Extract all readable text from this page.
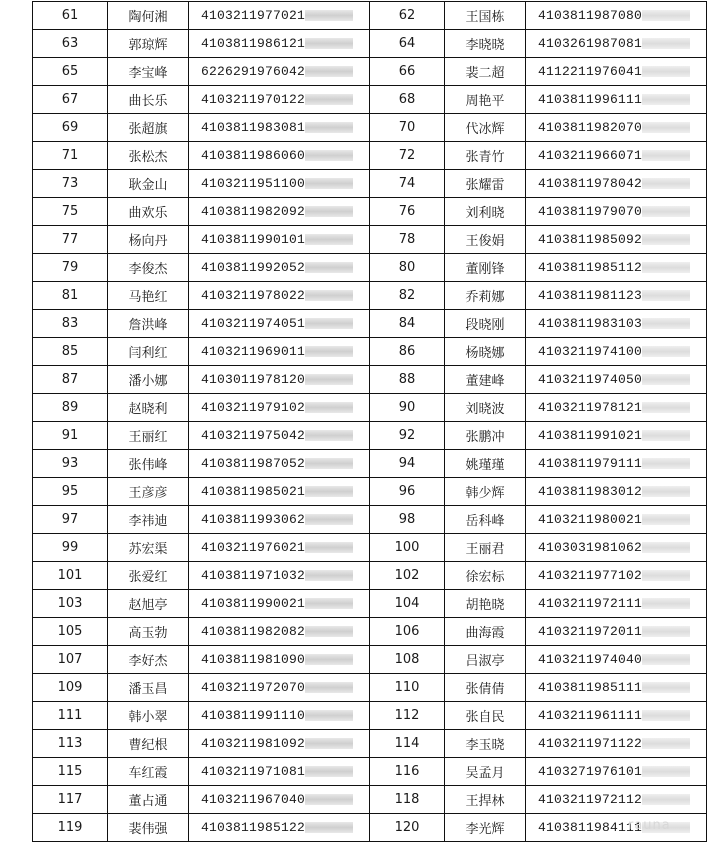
61	陶何湘	4103211977021	62	王国栋	4103811987080
63	郭琼辉	4103811986121	64	李晓晓	4103261987081
65	李宝峰	6226291976042	66	裴二超	4112211976041
67	曲长乐	4103211970122	68	周艳平	4103811996111
69	张超旗	4103811983081	70	代冰辉	4103811982070
71	张松杰	4103811986060	72	张青竹	4103211966071
73	耿金山	4103211951100	74	张耀雷	4103811978042
75	曲欢乐	4103811982092	76	刘利晓	4103811979070
77	杨向丹	4103811990101	78	王俊娟	4103811985092
79	李俊杰	4103811992052	80	董刚锋	4103811985112
81	马艳红	4103211978022	82	乔莉娜	4103811981123
83	詹洪峰	4103211974051	84	段晓刚	4103811983103
85	闫利红	4103211969011	86	杨晓娜	4103211974100
87	潘小娜	4103011978120	88	董建峰	4103211974050
89	赵晓利	4103211979102	90	刘晓波	4103211978121
91	王丽红	4103211975042	92	张鹏冲	4103811991021
93	张伟峰	4103811987052	94	姚瑾瑾	4103811979111
95	王彦彦	4103811985021	96	韩少辉	4103811983012
97	李祎迪	4103811993062	98	岳科峰	4103211980021
99	苏宏渠	4103211976021	100	王丽君	4103031981062
101	张爱红	4103811971032	102	徐宏标	4103211977102
103	赵旭亭	4103811990021	104	胡艳晓	4103211972111
105	高玉勃	4103811982082	106	曲海霞	4103211972011
107	李好杰	4103811981090	108	吕淑亭	4103211974040
109	潘玉昌	4103211972070	110	张倩倩	4103811985111
111	韩小翠	4103811991110	112	张自民	4103211961111
113	曹纪根	4103211981092	114	李玉晓	4103211971122
115	车红霞	4103211971081	116	吴孟月	4103271976101
117	董占通	4103211967040	118	王捍林	4103211972112
119	裴伟强	4103811985122	120	李光辉	4103811984111
rauna
